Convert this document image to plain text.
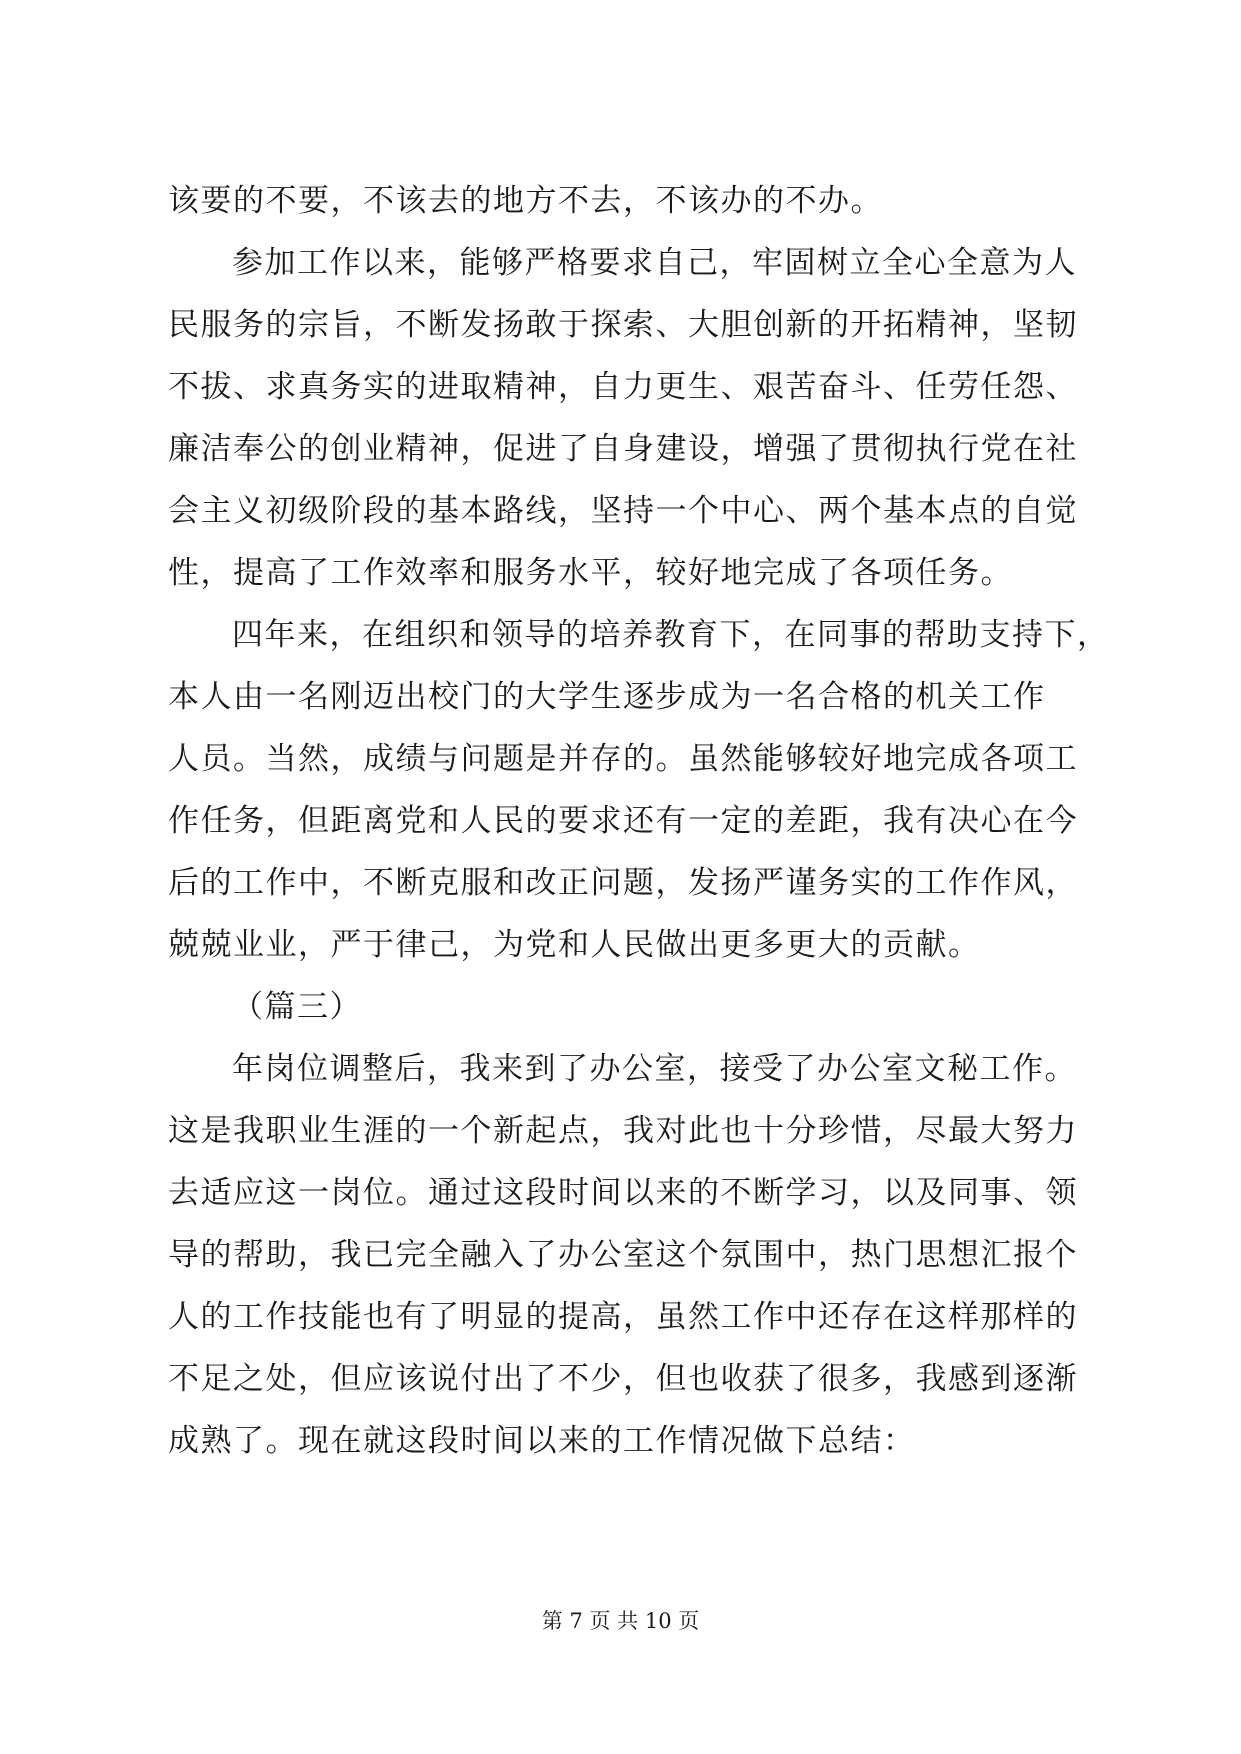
该要的不要，不该去的地方不去，不该办的不办。
参加工作以来，能够严格要求自己，牢固树立全心全意为人
民服务的宗旨，不断发扬敢于探索、大胆创新的开拓精神，坚韧
不拔、求真务实的进取精神，自力更生、艰苦奋斗、任劳任怨、
廉洁奉公的创业精神，促进了自身建设，增强了贯彻执行党在社
会主义初级阶段的基本路线，坚持一个中心、两个基本点的自觉
性，提高了工作效率和服务水平，较好地完成了各项任务。
四年来，在组织和领导的培养教育下，在同事的帮助支持下，
本人由一名刚迈出校门的大学生逐步成为一名合格的机关工作
人员。当然，成绩与问题是并存的。虽然能够较好地完成各项工
作任务，但距离党和人民的要求还有一定的差距，我有决心在今
后的工作中，不断克服和改正问题，发扬严谨务实的工作作风，
兢兢业业，严于律己，为党和人民做出更多更大的贡献。
（篇三）
年岗位调整后，我来到了办公室，接受了办公室文秘工作。
这是我职业生涯的一个新起点，我对此也十分珍惜，尽最大努力
去适应这一岗位。通过这段时间以来的不断学习，以及同事、领
导的帮助，我已完全融入了办公室这个氛围中，热门思想汇报个
人的工作技能也有了明显的提高，虽然工作中还存在这样那样的
不足之处，但应该说付出了不少，但也收获了很多，我感到逐渐
成熟了。现在就这段时间以来的工作情况做下总结：
第 7 页 共 10 页
